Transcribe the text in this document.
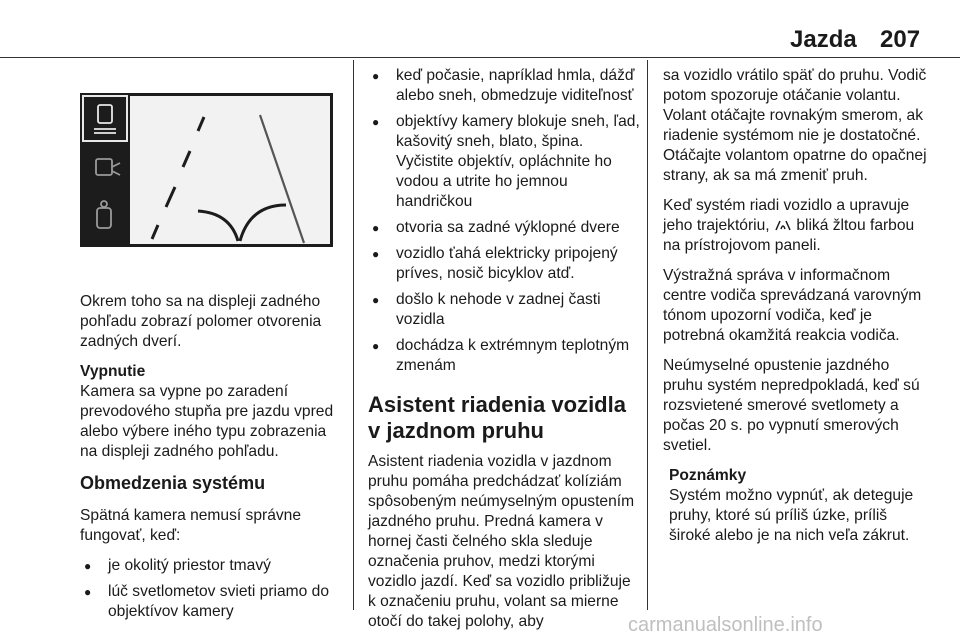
Jazda 207

Okrem toho sa na displeji zadného pohľadu zobrazí polomer otvorenia zadných dverí.

Vypnutie

Kamera sa vypne po zaradení prevodového stupňa pre jazdu vpred alebo výbere iného typu zobrazenia na displeji zadného pohľadu.

Obmedzenia systému

Spätná kamera nemusí správne fungovať, keď:

● je okolitý priestor tmavý
● lúč svetlometov svieti priamo do objektívov kamery
● keď počasie, napríklad hmla, dážď alebo sneh, obmedzuje viditeľnosť
● objektívy kamery blokuje sneh, ľad, kašovitý sneh, blato, špina. Vyčistite objektív, opláchnite ho vodou a utrite ho jemnou handričkou
● otvoria sa zadné výklopné dvere
● vozidlo ťahá elektricky pripojený príves, nosič bicyklov atď.
● došlo k nehode v zadnej časti vozidla
● dochádza k extrémnym teplotným zmenám
Asistent riadenia vozidla v jazdnom pruhu

Asistent riadenia vozidla v jazdnom pruhu pomáha predchádzať kolíziám spôsobeným neúmyselným opustením jazdného pruhu. Predná kamera v hornej časti čelného skla sleduje označenia pruhov, medzi ktorými vozidlo jazdí. Keď sa vozidlo približuje k označeniu pruhu, volant sa mierne otočí do takej polohy, aby

sa vozidlo vrátilo späť do pruhu. Vodič potom spozoruje otáčanie volantu. Volant otáčajte rovnakým smerom, ak riadenie systémom nie je dostatočné. Otáčajte volantom opatrne do opačnej strany, ak sa má zmeniť pruh.

Keď systém riadi vozidlo a upravuje jeho trajektóriu, bliká žltou farbou na prístrojovom paneli.

Výstražná správa v informačnom centre vodiča sprevádzaná varovným tónom upozorní vodiča, keď je potrebná okamžitá reakcia vodiča.

Neúmyselné opustenie jazdného pruhu systém nepredpokladá, keď sú rozsvietené smerové svetlomety a počas 20 s. po vypnutí smerových svetiel.

Poznámky

Systém možno vypnúť, ak deteguje pruhy, ktoré sú príliš úzke, príliš široké alebo je na nich veľa zákrut.

carmanualsonline.info
